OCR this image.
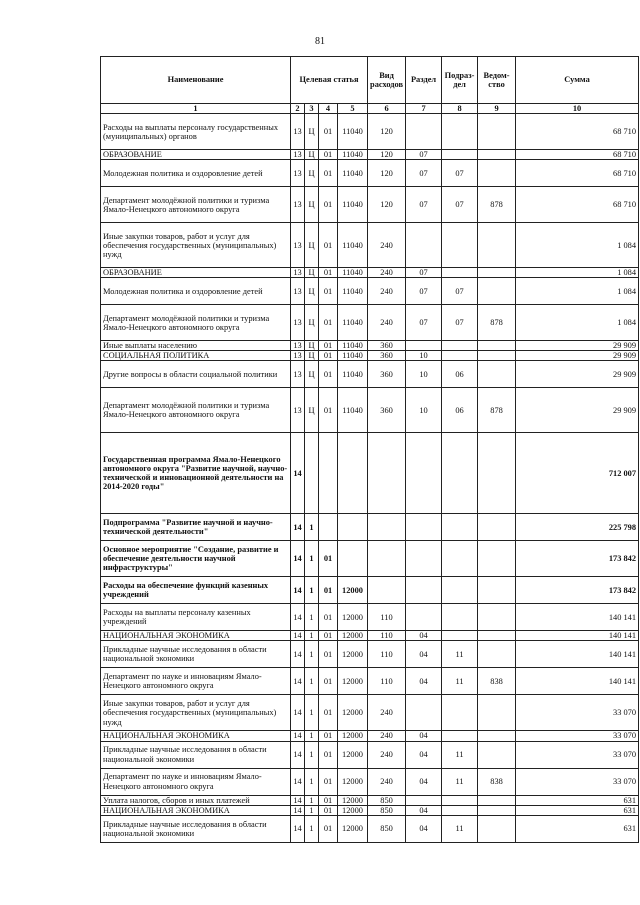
81
Наименование	Целевая статья				Вид расходов	Раздел	Подраз-дел	Ведом-ство	Сумма
1	2	3	4	5	6	7	8	9	10
Расходы на выплаты персоналу государственных (муниципальных) органов	13	Ц	01	11040	120				68 710
ОБРАЗОВАНИЕ	13	Ц	01	11040	120	07			68 710
Молодежная политика и оздоровление детей	13	Ц	01	11040	120	07	07		68 710
Департамент молодёжной политики и туризма Ямало-Ненецкого автономного округа	13	Ц	01	11040	120	07	07	878	68 710
Иные закупки товаров, работ и услуг для обеспечения государственных (муниципальных) нужд	13	Ц	01	11040	240				1 084
ОБРАЗОВАНИЕ	13	Ц	01	11040	240	07			1 084
Молодежная политика и оздоровление детей	13	Ц	01	11040	240	07	07		1 084
Департамент молодёжной политики и туризма Ямало-Ненецкого автономного округа	13	Ц	01	11040	240	07	07	878	1 084
Иные выплаты населению	13	Ц	01	11040	360				29 909
СОЦИАЛЬНАЯ ПОЛИТИКА	13	Ц	01	11040	360	10			29 909
Другие вопросы в области социальной политики	13	Ц	01	11040	360	10	06		29 909
Департамент молодёжной политики и туризма Ямало-Ненецкого автономного округа	13	Ц	01	11040	360	10	06	878	29 909
Государственная программа Ямало-Ненецкого автономного округа "Развитие научной, научно-технической и инновационной деятельности на 2014-2020 годы"	14								712 007
Подпрограмма "Развитие научной и научно-технической деятельности"	14	1							225 798
Основное мероприятие "Создание, развитие и обеспечение деятельности научной инфраструктуры"	14	1	01						173 842
Расходы на обеспечение функций казенных учреждений	14	1	01	12000					173 842
Расходы на выплаты персоналу казенных учреждений	14	1	01	12000	110				140 141
НАЦИОНАЛЬНАЯ ЭКОНОМИКА	14	1	01	12000	110	04			140 141
Прикладные научные исследования в области национальной экономики	14	1	01	12000	110	04	11		140 141
Департамент по науке и инновациям Ямало-Ненецкого автономного округа	14	1	01	12000	110	04	11	838	140 141
Иные закупки товаров, работ и услуг для обеспечения государственных (муниципальных) нужд	14	1	01	12000	240				33 070
НАЦИОНАЛЬНАЯ ЭКОНОМИКА	14	1	01	12000	240	04			33 070
Прикладные научные исследования в области национальной экономики	14	1	01	12000	240	04	11		33 070
Департамент по науке и инновациям Ямало-Ненецкого автономного округа	14	1	01	12000	240	04	11	838	33 070
Уплата налогов, сборов и иных платежей	14	1	01	12000	850				631
НАЦИОНАЛЬНАЯ ЭКОНОМИКА	14	1	01	12000	850	04			631
Прикладные научные исследования в области национальной экономики	14	1	01	12000	850	04	11		631
